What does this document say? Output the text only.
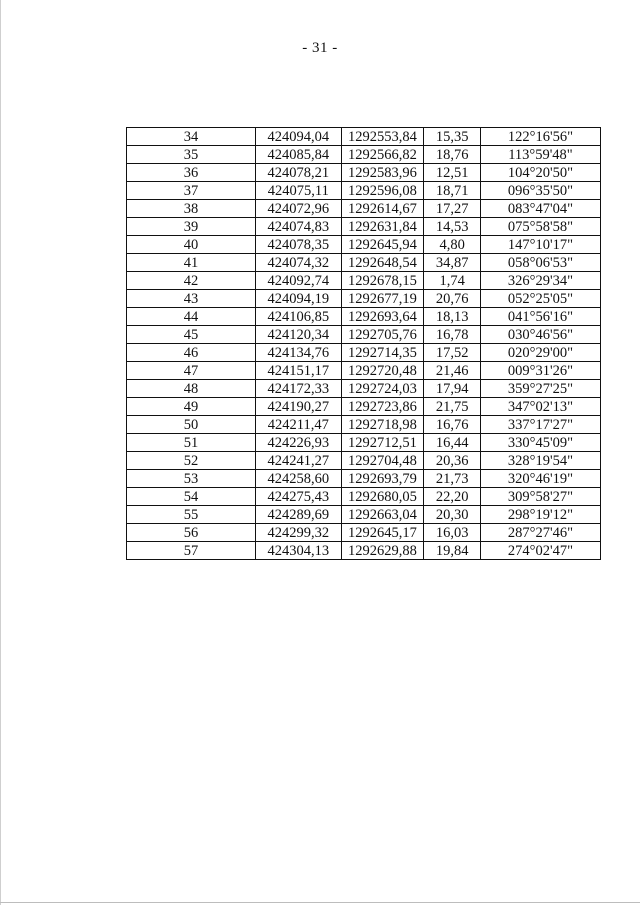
- 31 -
34	424094,04	1292553,84	15,35	122°16'56"
35	424085,84	1292566,82	18,76	113°59'48"
36	424078,21	1292583,96	12,51	104°20'50"
37	424075,11	1292596,08	18,71	096°35'50"
38	424072,96	1292614,67	17,27	083°47'04"
39	424074,83	1292631,84	14,53	075°58'58"
40	424078,35	1292645,94	4,80	147°10'17"
41	424074,32	1292648,54	34,87	058°06'53"
42	424092,74	1292678,15	1,74	326°29'34"
43	424094,19	1292677,19	20,76	052°25'05"
44	424106,85	1292693,64	18,13	041°56'16"
45	424120,34	1292705,76	16,78	030°46'56"
46	424134,76	1292714,35	17,52	020°29'00"
47	424151,17	1292720,48	21,46	009°31'26"
48	424172,33	1292724,03	17,94	359°27'25"
49	424190,27	1292723,86	21,75	347°02'13"
50	424211,47	1292718,98	16,76	337°17'27"
51	424226,93	1292712,51	16,44	330°45'09"
52	424241,27	1292704,48	20,36	328°19'54"
53	424258,60	1292693,79	21,73	320°46'19"
54	424275,43	1292680,05	22,20	309°58'27"
55	424289,69	1292663,04	20,30	298°19'12"
56	424299,32	1292645,17	16,03	287°27'46"
57	424304,13	1292629,88	19,84	274°02'47"
